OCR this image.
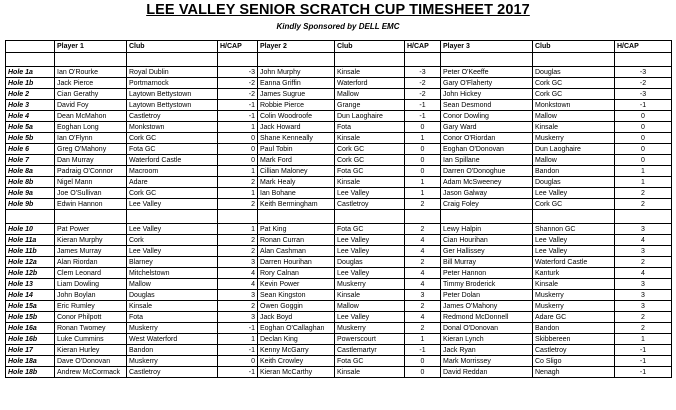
LEE VALLEY SENIOR SCRATCH CUP TIMESHEET 2017
Kindly Sponsored by DELL EMC
	Player 1	Club	H/CAP	Player 2	Club	H/CAP	Player 3	Club	H/CAP

Hole 1a	Ian O'Rourke	Royal Dublin	-3	John Murphy	Kinsale	-3	Peter O'Keeffe	Douglas	-3
Hole 1b	Jack Pierce	Portmarnock	-2	Eanna Griffin	Waterford	-2	Gary O'Flaherty	Cork GC	-2
Hole 2	Cian Gerathy	Laytown Bettystown	-2	James Sugrue	Mallow	-2	John Hickey	Cork GC	-3
Hole 3	David Foy	Laytown Bettystown	-1	Robbie Pierce	Grange	-1	Sean Desmond	Monkstown	-1
Hole 4	Dean McMahon	Castletroy	-1	Colin Woodroofe	Dun Laoghaire	-1	Conor Dowling	Mallow	0
Hole 5a	Eoghan Long	Monkstown	1	Jack Howard	Fota	0	Gary Ward	Kinsale	0
Hole 5b	Ian O'Flynn	Cork GC	0	Shane Kenneally	Kinsale	1	Conor O'Riordan	Muskerry	0
Hole 6	Greg O'Mahony	Fota GC	0	Paul Tobin	Cork GC	0	Eoghan O'Donovan	Dun Laoghaire	0
Hole 7	Dan Murray	Waterford Castle	0	Mark Ford	Cork GC	0	Ian Spillane	Mallow	0
Hole 8a	Padraig O'Connor	Macroom	1	Cillian Maloney	Fota GC	0	Darren O'Donoghue	Bandon	1
Hole 8b	Nigel Mann	Adare	2	Mark Healy	Kinsale	1	Adam McSweeney	Douglas	1
Hole 9a	Joe O'Sullivan	Cork GC	1	Ian Bohane	Lee Valley	1	Jason Galway	Lee Valley	2
Hole 9b	Edwin Hannon	Lee Valley	2	Keith Bermingham	Castletroy	2	Craig Foley	Cork GC	2

Hole 10	Pat Power	Lee Valley	1	Pat King	Fota GC	2	Lewy Halpin	Shannon GC	3
Hole 11a	Kieran Murphy	Cork	2	Ronan Curran	Lee Valley	4	Cian Hourihan	Lee Valley	4
Hole 11b	James Murray	Lee Valley	2	Alan Cashman	Lee Valley	4	Ger Hallissey	Lee Valley	3
Hole 12a	Alan Riordan	Blarney	3	Darren Hourihan	Douglas	2	Bill Murray	Waterford Castle	2
Hole 12b	Clem Leonard	Mitchelstown	4	Rory Calnan	Lee Valley	4	Peter Hannon	Kanturk	4
Hole 13	Liam Dowling	Mallow	4	Kevin Power	Muskerry	4	Timmy Broderick	Kinsale	3
Hole 14	John Boylan	Douglas	3	Sean Kingston	Kinsale	3	Peter Dolan	Muskerry	3
Hole 15a	Eric Rumley	Kinsale	2	Owen Goggin	Mallow	2	James O'Mahony	Muskerry	3
Hole 15b	Conor Philpott	Fota	3	Jack Boyd	Lee Valley	4	Redmond McDonnell	Adare GC	2
Hole 16a	Ronan Twomey	Muskerry	-1	Eoghan O'Callaghan	Muskerry	2	Donal O'Donovan	Bandon	2
Hole 16b	Luke Cummins	West Waterford	1	Declan King	Powerscourt	1	Kieran Lynch	Skibbereen	1
Hole 17	Kieran Hurley	Bandon	-1	Kenny McGarry	Castlemartyr	-1	Jack Ryan	Castletroy	-1
Hole 18a	Dave O'Donovan	Muskerry	0	Keith Crowley	Fota GC	0	Mark Morrissey	Co Sligo	-1
Hole 18b	Andrew McCormack	Castletroy	-1	Kieran McCarthy	Kinsale	0	David Reddan	Nenagh	-1
